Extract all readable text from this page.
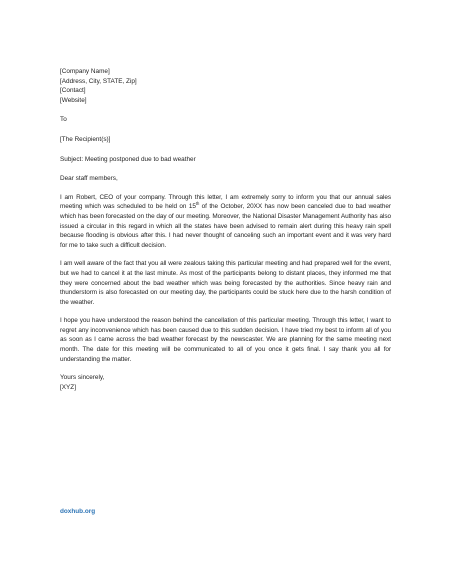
[Company Name]
[Address, City, STATE, Zip]
[Contact]
[Website]

To

[The Recipient(s)]

Subject: Meeting postponed due to bad weather

Dear staff members,

I am Robert, CEO of your company. Through this letter, I am extremely sorry to inform you that our annual sales meeting which was scheduled to be held on 15th of the October, 20XX has now been canceled due to bad weather which has been forecasted on the day of our meeting. Moreover, the National Disaster Management Authority has also issued a circular in this regard in which all the states have been advised to remain alert during this heavy rain spell because flooding is obvious after this. I had never thought of canceling such an important event and it was very hard for me to take such a difficult decision.

I am well aware of the fact that you all were zealous taking this particular meeting and had prepared well for the event, but we had to cancel it at the last minute. As most of the participants belong to distant places, they informed me that they were concerned about the bad weather which was being forecasted by the authorities. Since heavy rain and thunderstorm is also forecasted on our meeting day, the participants could be stuck here due to the harsh condition of the weather.

I hope you have understood the reason behind the cancellation of this particular meeting. Through this letter, I want to regret any inconvenience which has been caused due to this sudden decision. I have tried my best to inform all of you as soon as I came across the bad weather forecast by the newscaster. We are planning for the same meeting next month. The date for this meeting will be communicated to all of you once it gets final. I say thank you all for understanding the matter.

Yours sincerely,
[XYZ]
doxhub.org
